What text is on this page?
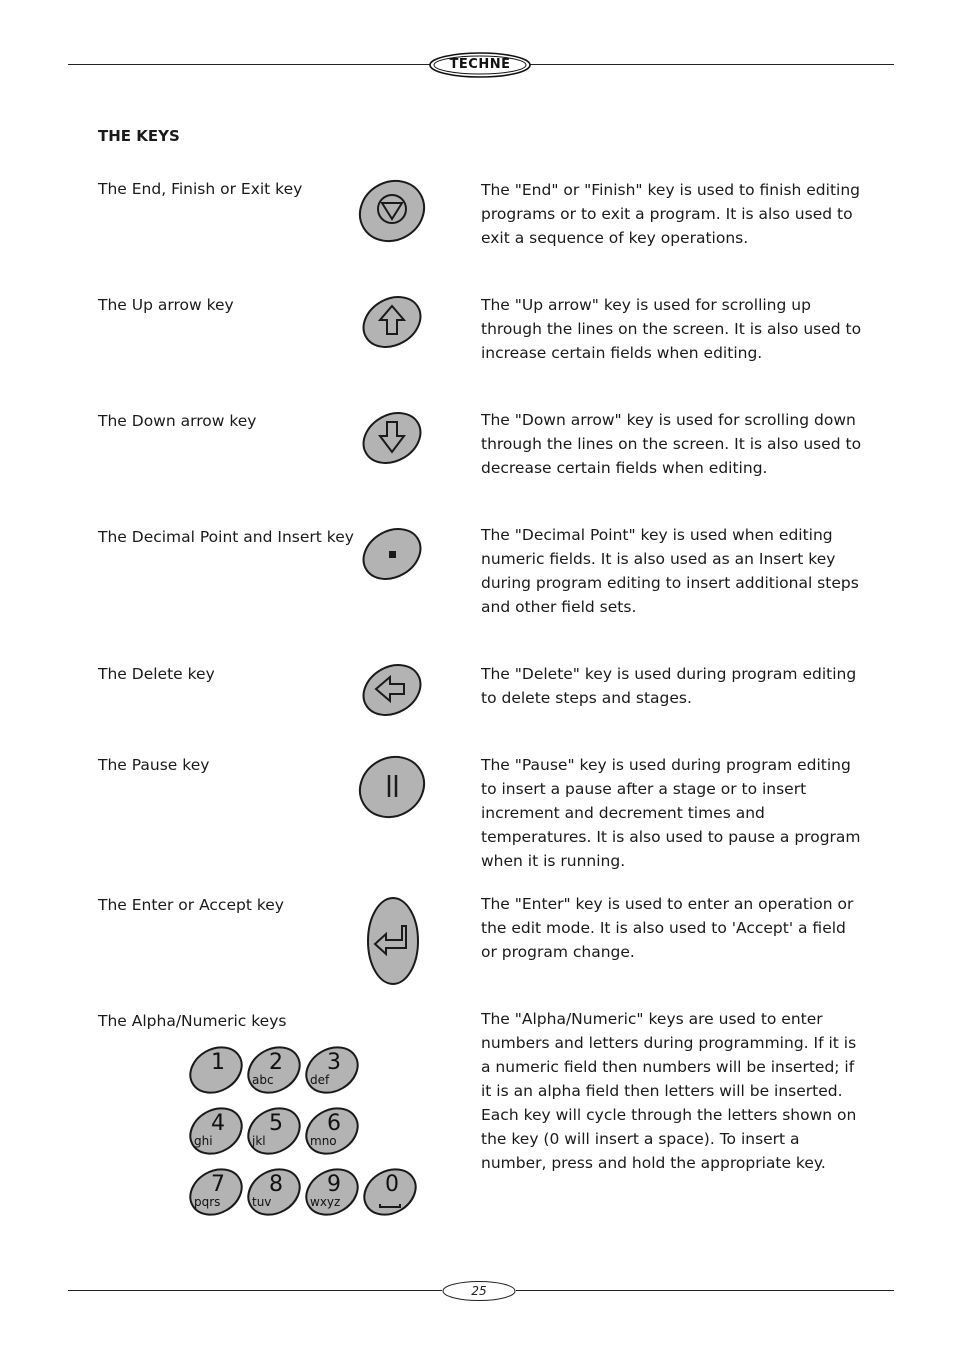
TECHNE
THE KEYS
The End, Finish or Exit key	The "End" or "Finish" key is used to finish editing programs or to exit a program. It is also used to exit a sequence of key operations.
The Up arrow key	The "Up arrow" key is used for scrolling up through the lines on the screen. It is also used to increase certain fields when editing.
The Down arrow key	The "Down arrow" key is used for scrolling down through the lines on the screen. It is also used to decrease certain fields when editing.
The Decimal Point and Insert key	The "Decimal Point" key is used when editing numeric fields. It is also used as an Insert key during program editing to insert additional steps and other field sets.
The Delete key	The "Delete" key is used during program editing to delete steps and stages.
The Pause key	The "Pause" key is used during program editing to insert a pause after a stage or to insert increment and decrement times and temperatures. It is also used to pause a program when it is running.
The Enter or Accept key	The "Enter" key is used to enter an operation or the edit mode. It is also used to 'Accept' a field or program change.
The Alpha/Numeric keys	The "Alpha/Numeric" keys are used to enter numbers and letters during programming. If it is a numeric field then numbers will be inserted; if it is an alpha field then letters will be inserted. Each key will cycle through the letters shown on the key (0 will insert a space). To insert a number, press and hold the appropriate key.
1 2
abc
3
def
4
ghi
5
jkl
6
mno
7
pqrs
8
tuv
9
wxyz
0
25
